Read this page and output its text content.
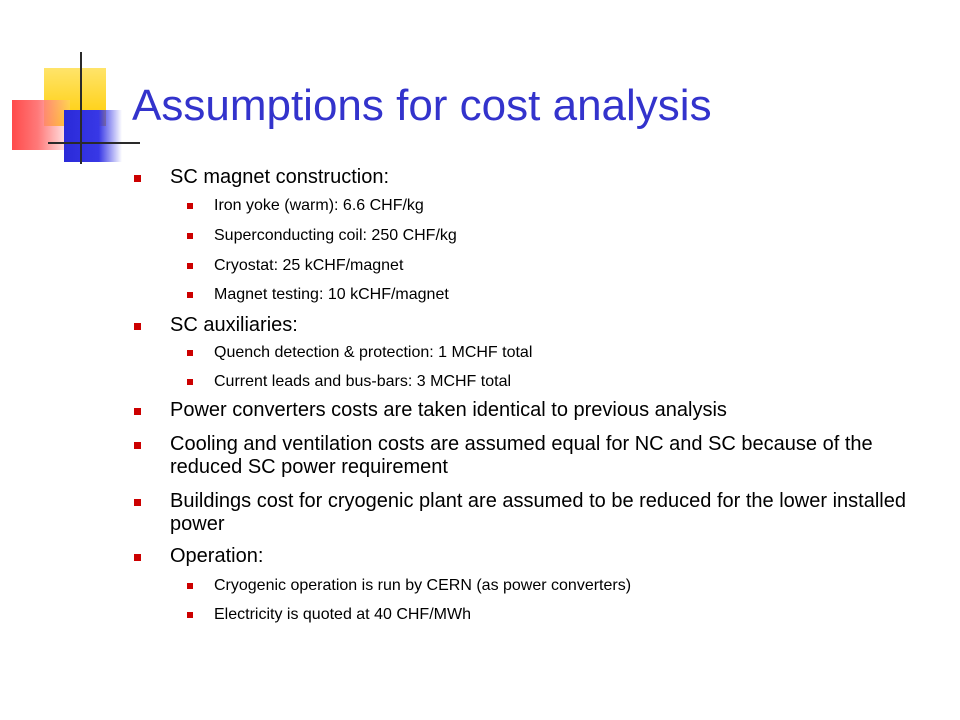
Assumptions for cost analysis
SC magnet construction:
Iron yoke (warm): 6.6 CHF/kg
Superconducting coil: 250 CHF/kg
Cryostat: 25 kCHF/magnet
Magnet testing: 10 kCHF/magnet
SC auxiliaries:
Quench detection & protection: 1 MCHF total
Current leads and bus-bars: 3 MCHF total
Power converters costs are taken identical to previous analysis
Cooling and ventilation costs are assumed equal for NC and SC because of the reduced SC power requirement
Buildings cost for cryogenic plant are assumed to be reduced for the lower installed power
Operation:
Cryogenic operation is run by CERN (as power converters)
Electricity is quoted at 40 CHF/MWh
